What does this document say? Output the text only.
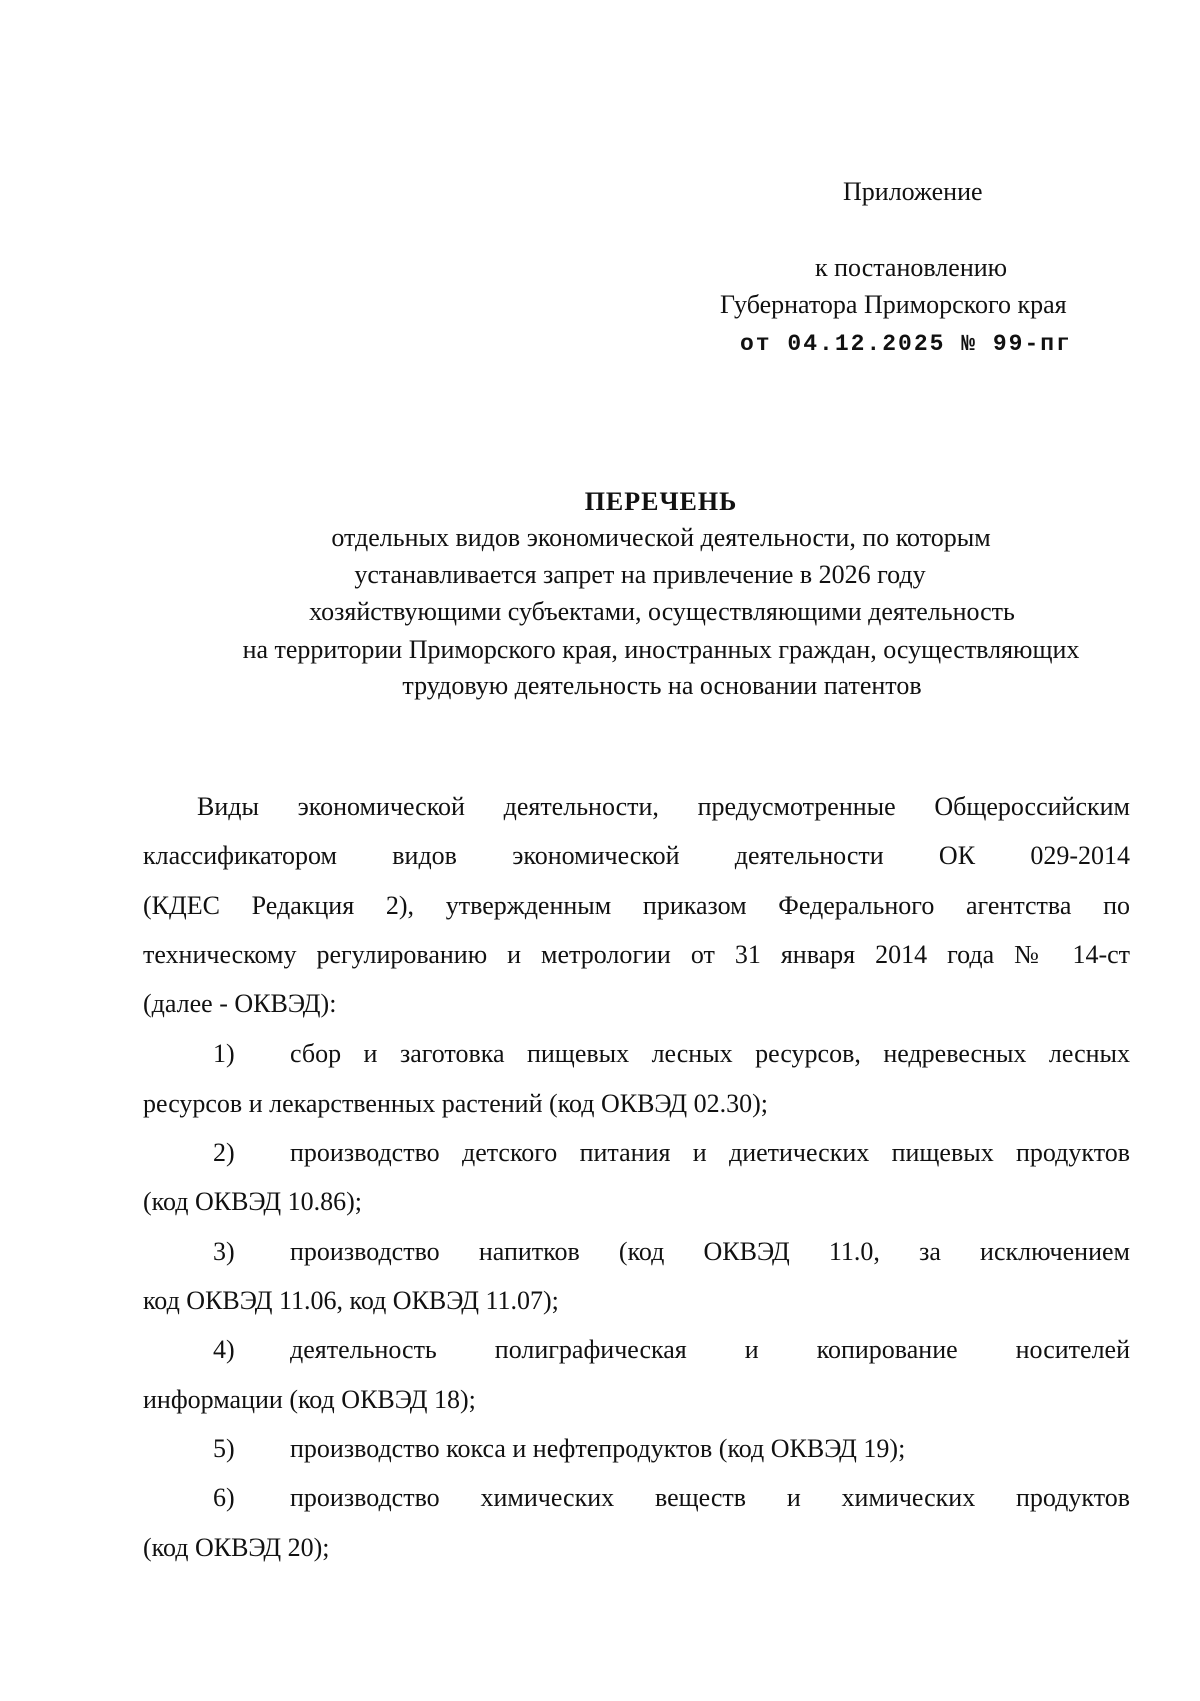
Приложение
к постановлению
Губернатора Приморского края
от 04.12.2025 № 99-пг
ПЕРЕЧЕНЬ
отдельных видов экономической деятельности, по которым
устанавливается запрет на привлечение в 2026 году
хозяйствующими субъектами, осуществляющими деятельность
на территории Приморского края, иностранных граждан, осуществляющих
трудовую деятельность на основании патентов
Виды экономической деятельности, предусмотренные Общероссийским
классификатором видов экономической деятельности ОК 029-2014
(КДЕС Редакция 2), утвержденным приказом Федерального агентства по
техническому регулированию и метрологии от 31 января 2014 года № 14-ст
(далее - ОКВЭД):
1) сбор и заготовка пищевых лесных ресурсов, недревесных лесных
ресурсов и лекарственных растений (код ОКВЭД 02.30);
2) производство детского питания и диетических пищевых продуктов
(код ОКВЭД 10.86);
3) производство напитков (код ОКВЭД 11.0, за исключением
код ОКВЭД 11.06, код ОКВЭД 11.07);
4) деятельность полиграфическая и копирование носителей
информации (код ОКВЭД 18);
5) производство кокса и нефтепродуктов (код ОКВЭД 19);
6) производство химических веществ и химических продуктов
(код ОКВЭД 20);
